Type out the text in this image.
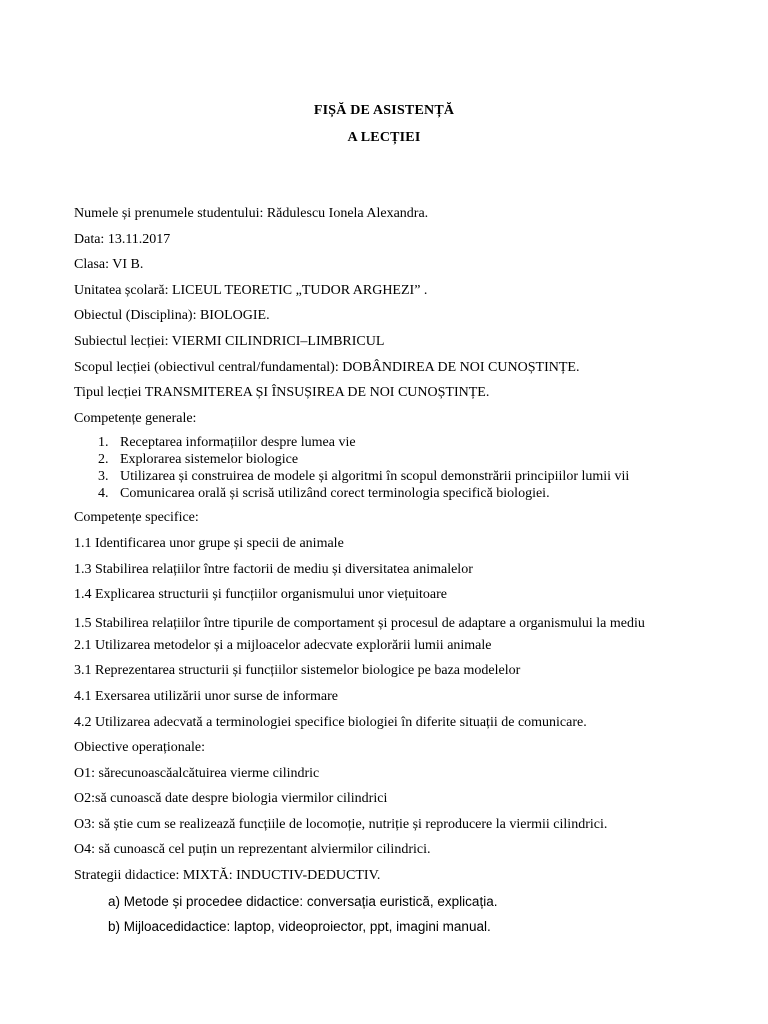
FIȘĂ DE ASISTENȚĂ
A LECȚIEI

Numele și prenumele studentului: Rădulescu Ionela Alexandra.

Data: 13.11.2017

Clasa: VI B.

Unitatea școlară: LICEUL TEORETIC „TUDOR ARGHEZI” .

Obiectul (Disciplina): BIOLOGIE.

Subiectul lecției: VIERMI CILINDRICI–LIMBRICUL

Scopul lecției (obiectivul central/fundamental): DOBÂNDIREA DE NOI CUNOȘTINȚE.

Tipul lecției TRANSMITEREA ȘI ÎNSUȘIREA DE NOI CUNOȘTINȚE.

Competențe generale:

1. Receptarea informațiilor despre lumea vie
2. Explorarea sistemelor biologice
3. Utilizarea și construirea de modele și algoritmi în scopul demonstrării principiilor lumii vii
4. Comunicarea orală și scrisă utilizând corect terminologia specifică biologiei.

Competențe specifice:

1.1 Identificarea unor grupe și specii de animale

1.3 Stabilirea relațiilor între factorii de mediu și diversitatea animalelor

1.4 Explicarea structurii și funcțiilor organismului unor viețuitoare

1.5 Stabilirea relațiilor între tipurile de comportament și procesul de adaptare a organismului la mediu

2.1 Utilizarea metodelor și a mijloacelor adecvate explorării lumii animale

3.1 Reprezentarea structurii și funcțiilor sistemelor biologice pe baza modelelor

4.1 Exersarea utilizării unor surse de informare

4.2 Utilizarea adecvată a terminologiei specifice biologiei în diferite situații de comunicare.

Obiective operaționale:

O1: sărecunoascăalcătuirea vierme cilindric

O2:să cunoască date despre biologia viermilor cilindrici

O3: să știe cum se realizează funcțiile de locomoție, nutriție și reproducere la viermii cilindrici.

O4: să cunoască cel puțin un reprezentant alviermilor cilindrici.

Strategii didactice: MIXTĂ: INDUCTIV-DEDUCTIV.

a) Metode și procedee didactice: conversația euristică, explicația.

b) Mijloacedidactice: laptop, videoproiector, ppt, imagini manual.
